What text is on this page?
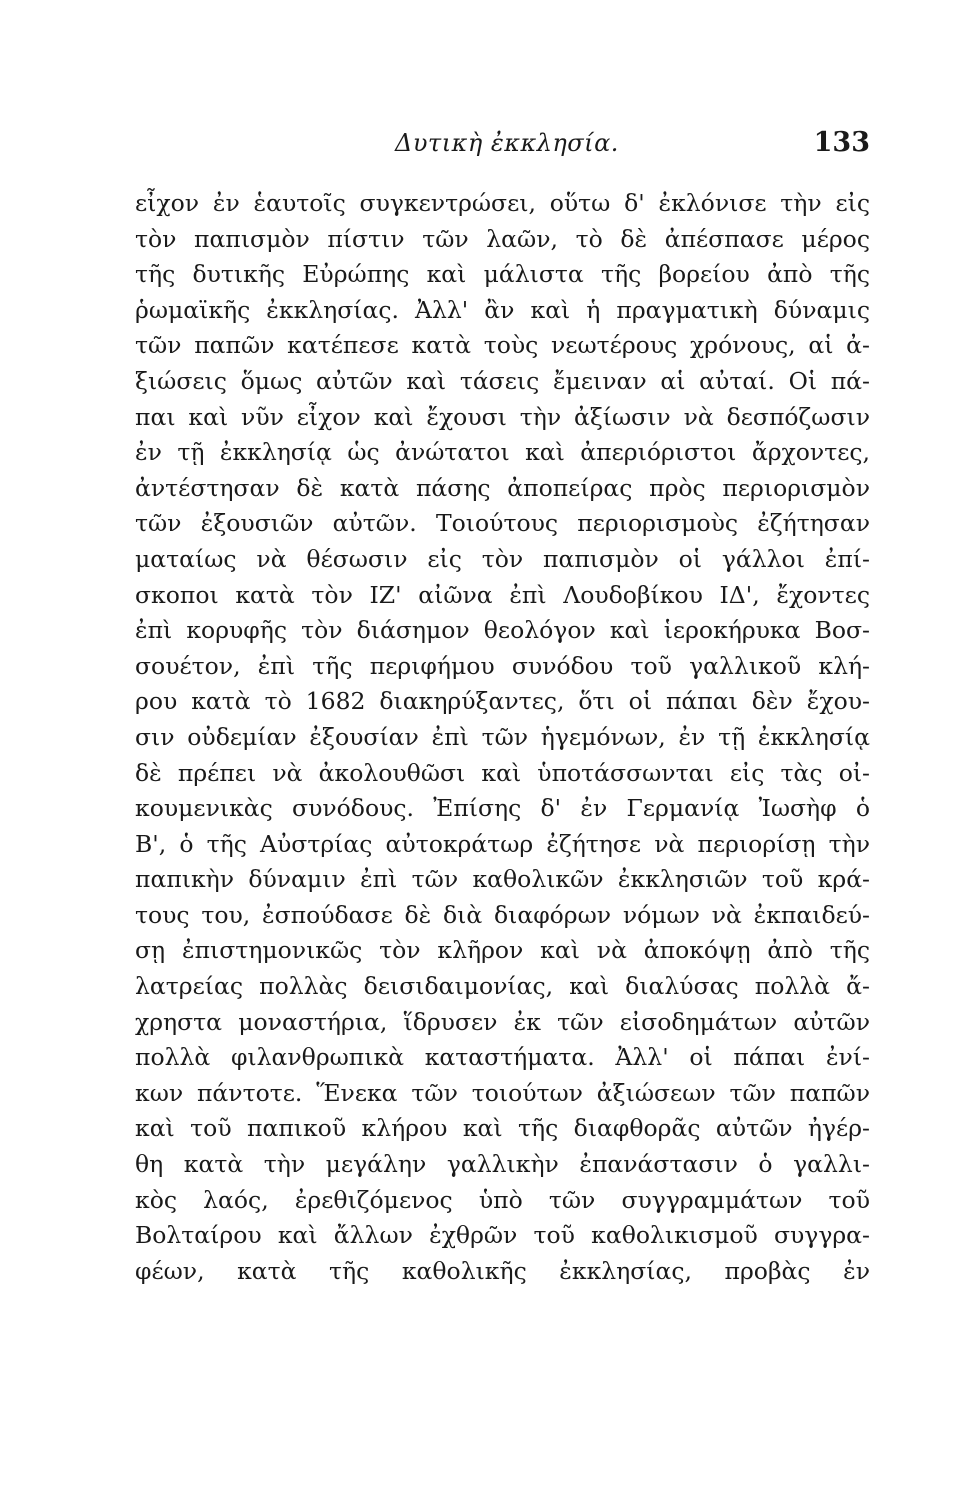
Δυτικὴ ἐκκλησία.	133
εἶχον ἐν ἑαυτοῖς συγκεντρώσει, οὕτω δ' ἐκλόνισε τὴν εἰς
τὸν παπισμὸν πίστιν τῶν λαῶν, τὸ δὲ ἀπέσπασε μέρος
τῆς δυτικῆς Εὐρώπης καὶ μάλιστα τῆς βορείου ἀπὸ τῆς
ῥωμαϊκῆς ἐκκλησίας. Ἀλλ' ἂν καὶ ἡ πραγματικὴ δύναμις
τῶν παπῶν κατέπεσε κατὰ τοὺς νεωτέρους χρόνους, αἱ ἀ-
ξιώσεις ὅμως αὐτῶν καὶ τάσεις ἔμειναν αἱ αὐταί. Οἱ πά-
παι καὶ νῦν εἶχον καὶ ἔχουσι τὴν ἀξίωσιν νὰ δεσπόζωσιν
ἐν τῇ ἐκκλησίᾳ ὡς ἀνώτατοι καὶ ἀπεριόριστοι ἄρχοντες,
ἀντέστησαν δὲ κατὰ πάσης ἀποπείρας πρὸς περιορισμὸν
τῶν ἐξουσιῶν αὐτῶν. Τοιούτους περιορισμοὺς ἐζήτησαν
ματαίως νὰ θέσωσιν εἰς τὸν παπισμὸν οἱ γάλλοι ἐπί-
σκοποι κατὰ τὸν ΙΖ' αἰῶνα ἐπὶ Λουδοβίκου ΙΔ', ἔχοντες
ἐπὶ κορυφῆς τὸν διάσημον θεολόγον καὶ ἱεροκήρυκα Βοσ-
σουέτον, ἐπὶ τῆς περιφήμου συνόδου τοῦ γαλλικοῦ κλή-
ρου κατὰ τὸ 1682 διακηρύξαντες, ὅτι οἱ πάπαι δὲν ἔχου-
σιν οὐδεμίαν ἐξουσίαν ἐπὶ τῶν ἡγεμόνων, ἐν τῇ ἐκκλησίᾳ
δὲ πρέπει νὰ ἀκολουθῶσι καὶ ὑποτάσσωνται εἰς τὰς οἰ-
κουμενικὰς συνόδους. Ἐπίσης δ' ἐν Γερμανίᾳ Ἰωσὴφ ὁ
Β', ὁ τῆς Αὐστρίας αὐτοκράτωρ ἐζήτησε νὰ περιορίσῃ τὴν
παπικὴν δύναμιν ἐπὶ τῶν καθολικῶν ἐκκλησιῶν τοῦ κρά-
τους του, ἐσπούδασε δὲ διὰ διαφόρων νόμων νὰ ἐκπαιδεύ-
σῃ ἐπιστημονικῶς τὸν κλῆρον καὶ νὰ ἀποκόψῃ ἀπὸ τῆς
λατρείας πολλὰς δεισιδαιμονίας, καὶ διαλύσας πολλὰ ἄ-
χρηστα μοναστήρια, ἵδρυσεν ἐκ τῶν εἰσοδημάτων αὐτῶν
πολλὰ φιλανθρωπικὰ καταστήματα. Ἀλλ' οἱ πάπαι ἐνί-
κων πάντοτε. Ἕνεκα τῶν τοιούτων ἀξιώσεων τῶν παπῶν
καὶ τοῦ παπικοῦ κλήρου καὶ τῆς διαφθορᾶς αὐτῶν ἠγέρ-
θη κατὰ τὴν μεγάλην γαλλικὴν ἐπανάστασιν ὁ γαλλι-
κὸς λαός, ἐρεθιζόμενος ὑπὸ τῶν συγγραμμάτων τοῦ
Βολταίρου καὶ ἄλλων ἐχθρῶν τοῦ καθολικισμοῦ συγγρα-
φέων, κατὰ τῆς καθολικῆς ἐκκλησίας, προβὰς ἐν
